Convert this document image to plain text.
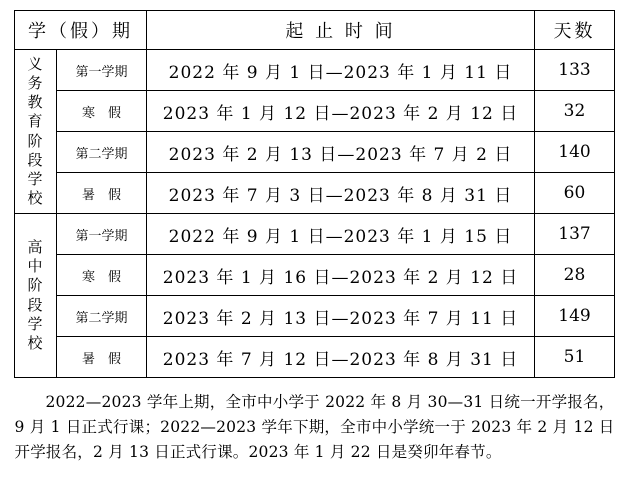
学（假）期		起 止 时 间	天数

义
务
教
育
阶
段
学
校
	第一学期	2022 年 9 月 1 日—2023 年 1 月 11 日	133
	寒　假	2023 年 1 月 12 日—2023 年 2 月 12 日	32
	第二学期	2023 年 2 月 13 日—2023 年 7 月 2 日	140
	暑　假	2023 年 7 月 3 日—2023 年 8 月 31 日	60

高
中
阶
段
学
校
	第一学期	2022 年 9 月 1 日—2023 年 1 月 15 日	137
	寒　假	2023 年 1 月 16 日—2023 年 2 月 12 日	28
	第二学期	2023 年 2 月 13 日—2023 年 7 月 11 日	149
	暑　假	2023 年 7 月 12 日—2023 年 8 月 31 日	51
2022—2023 学年上期，全市中小学于 2022 年 8 月 30—31 日统一开学报名，9 月 1 日正式行课；2022—2023 学年下期，全市中小学统一于 2023 年 2 月 12 日开学报名，2 月 13 日正式行课。2023 年 1 月 22 日是癸卯年春节。
